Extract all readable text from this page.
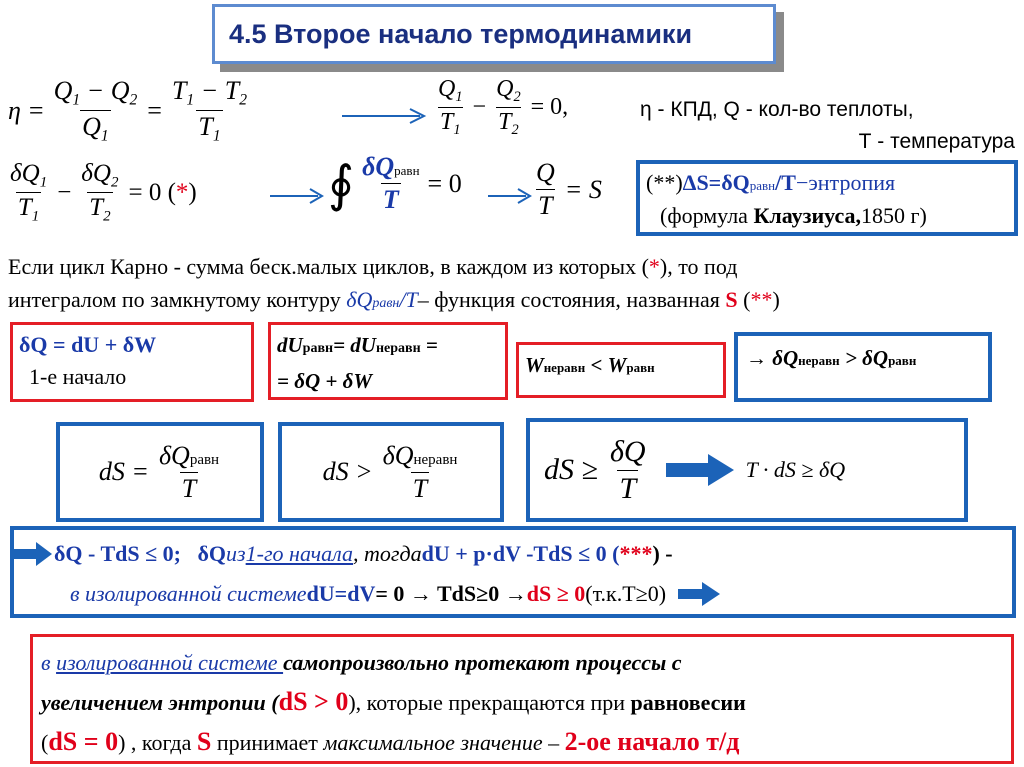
4.5 Второе начало термодинамики
$\eta = \frac{Q_1 - Q_2}{Q_1} = \frac{T_1 - T_2}{T_1}$	$\frac{Q_1}{T_1} - \frac{Q_2}{T_2} = 0$,	η - КПД, Q - кол-во теплоты,
Т - температура
$\frac{\delta Q_1}{T_1} - \frac{\delta Q_2}{T_2} = 0$ (*)	∮ $\frac{\text{δQравн}}{T} = 0$	$\frac{Q}{T} = S$ (**)ΔS=δQравн/T−энтропия
(формула Клаузиуса,1850 г)
Если цикл Карно - сумма беск.малых циклов, в каждом из которых (*), то под
интегралом по замкнутому контуру δQравн/T– функция состояния, названная S (**)
δQ = dU + δW
1-е начало
dUравн= dUнеравн =
= δQ + δW
Wнеравн < Wравн	→ δQнеравн > δQравн
dS = $\frac{\text{δQравн}}{T}$	dS > $\frac{\text{δQнеравн}}{T}$	dS ≥ $\frac{\delta Q}{T}$	T · dS ≥ δQ
δQ - TdS ≤ 0;
δQ из 1-го начала , тогда dU + p·dV -TdS ≤ 0 ( *** ) -
в изолированной системе dU=dV = 0 → TdS≥0 → dS ≥ 0 (т.к.T≥0)
в изолированной системе самопроизвольно протекают процессы с
увеличением энтропии (dS > 0), которые прекращаются при равновесии
(dS = 0) , когда S принимает максимальное значение – 2-ое начало т/д
